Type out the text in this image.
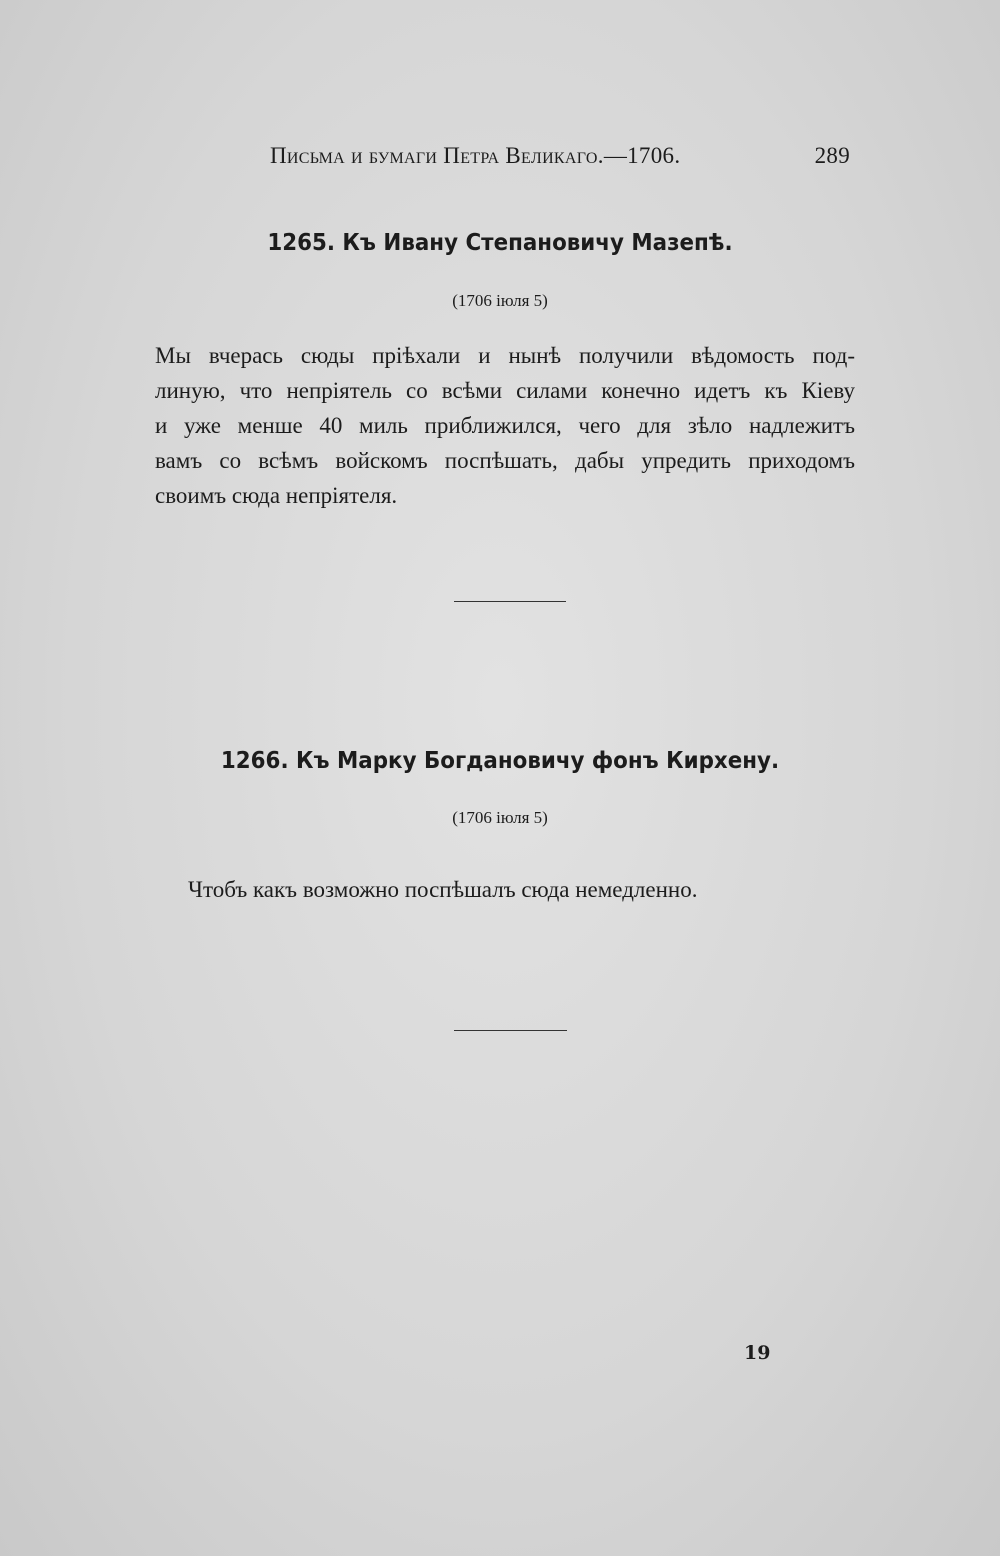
Письма и бумаги Петра Великаго.—1706.	289
1265. Къ Ивану Степановичу Мазепѣ.
(1706 іюля 5)
Мы вчерась сюды пріѣхали и нынѣ получили вѣдомость под-
линую, что непріятель со всѣми силами конечно идетъ къ Кіеву
и уже менше 40 миль приближился, чего для зѣло надлежитъ
вамъ со всѣмъ войскомъ поспѣшать, дабы упредить приходомъ
своимъ сюда непріятеля.
1266. Къ Марку Богдановичу фонъ Кирхену.
(1706 іюля 5)
Чтобъ какъ возможно поспѣшалъ сюда немедленно.
19
